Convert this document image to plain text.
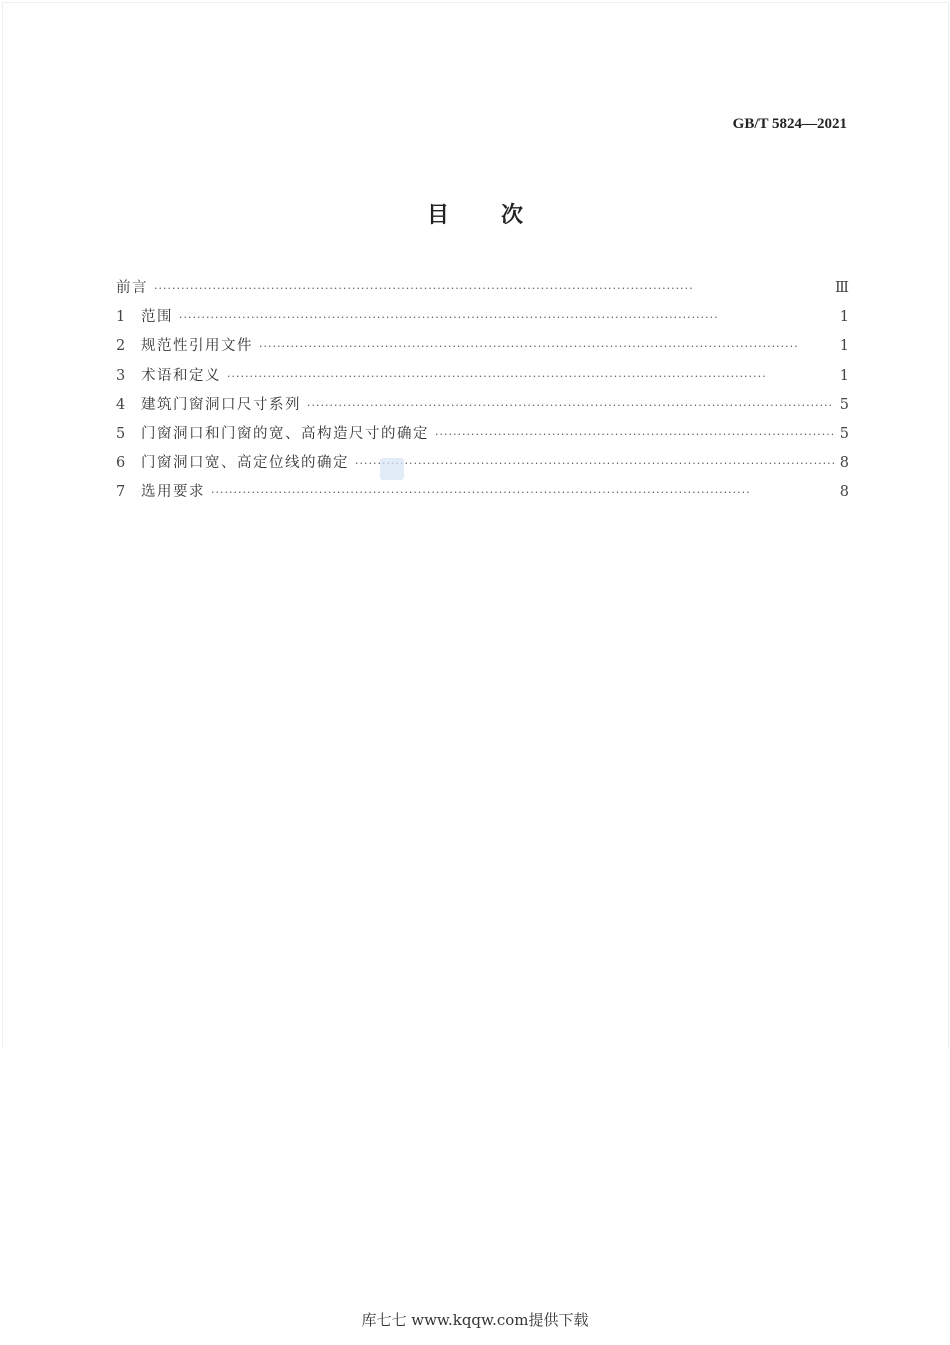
GB/T 5824—2021
目次
前言 ·····	Ⅲ
1	范围 ·····	1
2	规范性引用文件 ·····	1
3	术语和定义 ·····	1
4	建筑门窗洞口尺寸系列 ·····	5
5	门窗洞口和门窗的宽、高构造尺寸的确定 ·····	5
6	门窗洞口宽、高定位线的确定 ·····	8
7	选用要求 ·····	8
库七七 www.kqqw.com提供下载
